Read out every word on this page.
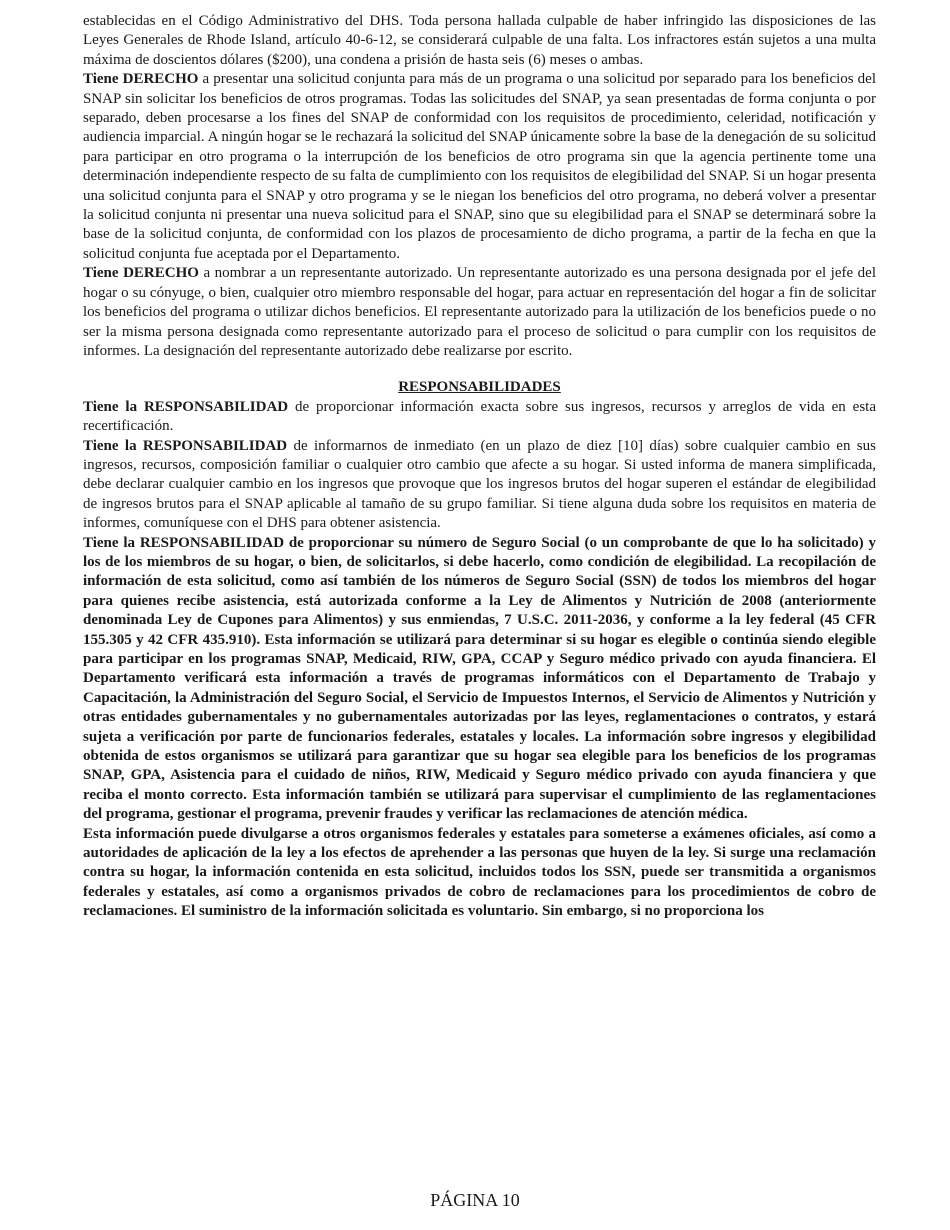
establecidas en el Código Administrativo del DHS. Toda persona hallada culpable de haber infringido las disposiciones de las Leyes Generales de Rhode Island, artículo 40-6-12, se considerará culpable de una falta. Los infractores están sujetos a una multa máxima de doscientos dólares ($200), una condena a prisión de hasta seis (6) meses o ambas.

Tiene DERECHO a presentar una solicitud conjunta para más de un programa o una solicitud por separado para los beneficios del SNAP sin solicitar los beneficios de otros programas. Todas las solicitudes del SNAP, ya sean presentadas de forma conjunta o por separado, deben procesarse a los fines del SNAP de conformidad con los requisitos de procedimiento, celeridad, notificación y audiencia imparcial. A ningún hogar se le rechazará la solicitud del SNAP únicamente sobre la base de la denegación de su solicitud para participar en otro programa o la interrupción de los beneficios de otro programa sin que la agencia pertinente tome una determinación independiente respecto de su falta de cumplimiento con los requisitos de elegibilidad del SNAP. Si un hogar presenta una solicitud conjunta para el SNAP y otro programa y se le niegan los beneficios del otro programa, no deberá volver a presentar la solicitud conjunta ni presentar una nueva solicitud para el SNAP, sino que su elegibilidad para el SNAP se determinará sobre la base de la solicitud conjunta, de conformidad con los plazos de procesamiento de dicho programa, a partir de la fecha en que la solicitud conjunta fue aceptada por el Departamento.

Tiene DERECHO a nombrar a un representante autorizado. Un representante autorizado es una persona designada por el jefe del hogar o su cónyuge, o bien, cualquier otro miembro responsable del hogar, para actuar en representación del hogar a fin de solicitar los beneficios del programa o utilizar dichos beneficios. El representante autorizado para la utilización de los beneficios puede o no ser la misma persona designada como representante autorizado para el proceso de solicitud o para cumplir con los requisitos de informes. La designación del representante autorizado debe realizarse por escrito.

RESPONSABILIDADES

Tiene la RESPONSABILIDAD de proporcionar información exacta sobre sus ingresos, recursos y arreglos de vida en esta recertificación.

Tiene la RESPONSABILIDAD de informarnos de inmediato (en un plazo de diez [10] días) sobre cualquier cambio en sus ingresos, recursos, composición familiar o cualquier otro cambio que afecte a su hogar. Si usted informa de manera simplificada, debe declarar cualquier cambio en los ingresos que provoque que los ingresos brutos del hogar superen el estándar de elegibilidad de ingresos brutos para el SNAP aplicable al tamaño de su grupo familiar. Si tiene alguna duda sobre los requisitos en materia de informes, comuníquese con el DHS para obtener asistencia.

Tiene la RESPONSABILIDAD de proporcionar su número de Seguro Social (o un comprobante de que lo ha solicitado) y los de los miembros de su hogar, o bien, de solicitarlos, si debe hacerlo, como condición de elegibilidad. La recopilación de información de esta solicitud, como así también de los números de Seguro Social (SSN) de todos los miembros del hogar para quienes recibe asistencia, está autorizada conforme a la Ley de Alimentos y Nutrición de 2008 (anteriormente denominada Ley de Cupones para Alimentos) y sus enmiendas, 7 U.S.C. 2011-2036, y conforme a la ley federal (45 CFR 155.305 y 42 CFR 435.910). Esta información se utilizará para determinar si su hogar es elegible o continúa siendo elegible para participar en los programas SNAP, Medicaid, RIW, GPA, CCAP y Seguro médico privado con ayuda financiera. El Departamento verificará esta información a través de programas informáticos con el Departamento de Trabajo y Capacitación, la Administración del Seguro Social, el Servicio de Impuestos Internos, el Servicio de Alimentos y Nutrición y otras entidades gubernamentales y no gubernamentales autorizadas por las leyes, reglamentaciones o contratos, y estará sujeta a verificación por parte de funcionarios federales, estatales y locales. La información sobre ingresos y elegibilidad obtenida de estos organismos se utilizará para garantizar que su hogar sea elegible para los beneficios de los programas SNAP, GPA, Asistencia para el cuidado de niños, RIW, Medicaid y Seguro médico privado con ayuda financiera y que reciba el monto correcto. Esta información también se utilizará para supervisar el cumplimiento de las reglamentaciones del programa, gestionar el programa, prevenir fraudes y verificar las reclamaciones de atención médica.

Esta información puede divulgarse a otros organismos federales y estatales para someterse a exámenes oficiales, así como a autoridades de aplicación de la ley a los efectos de aprehender a las personas que huyen de la ley. Si surge una reclamación contra su hogar, la información contenida en esta solicitud, incluidos todos los SSN, puede ser transmitida a organismos federales y estatales, así como a organismos privados de cobro de reclamaciones para los procedimientos de cobro de reclamaciones. El suministro de la información solicitada es voluntario. Sin embargo, si no proporciona los

PÁGINA 10
